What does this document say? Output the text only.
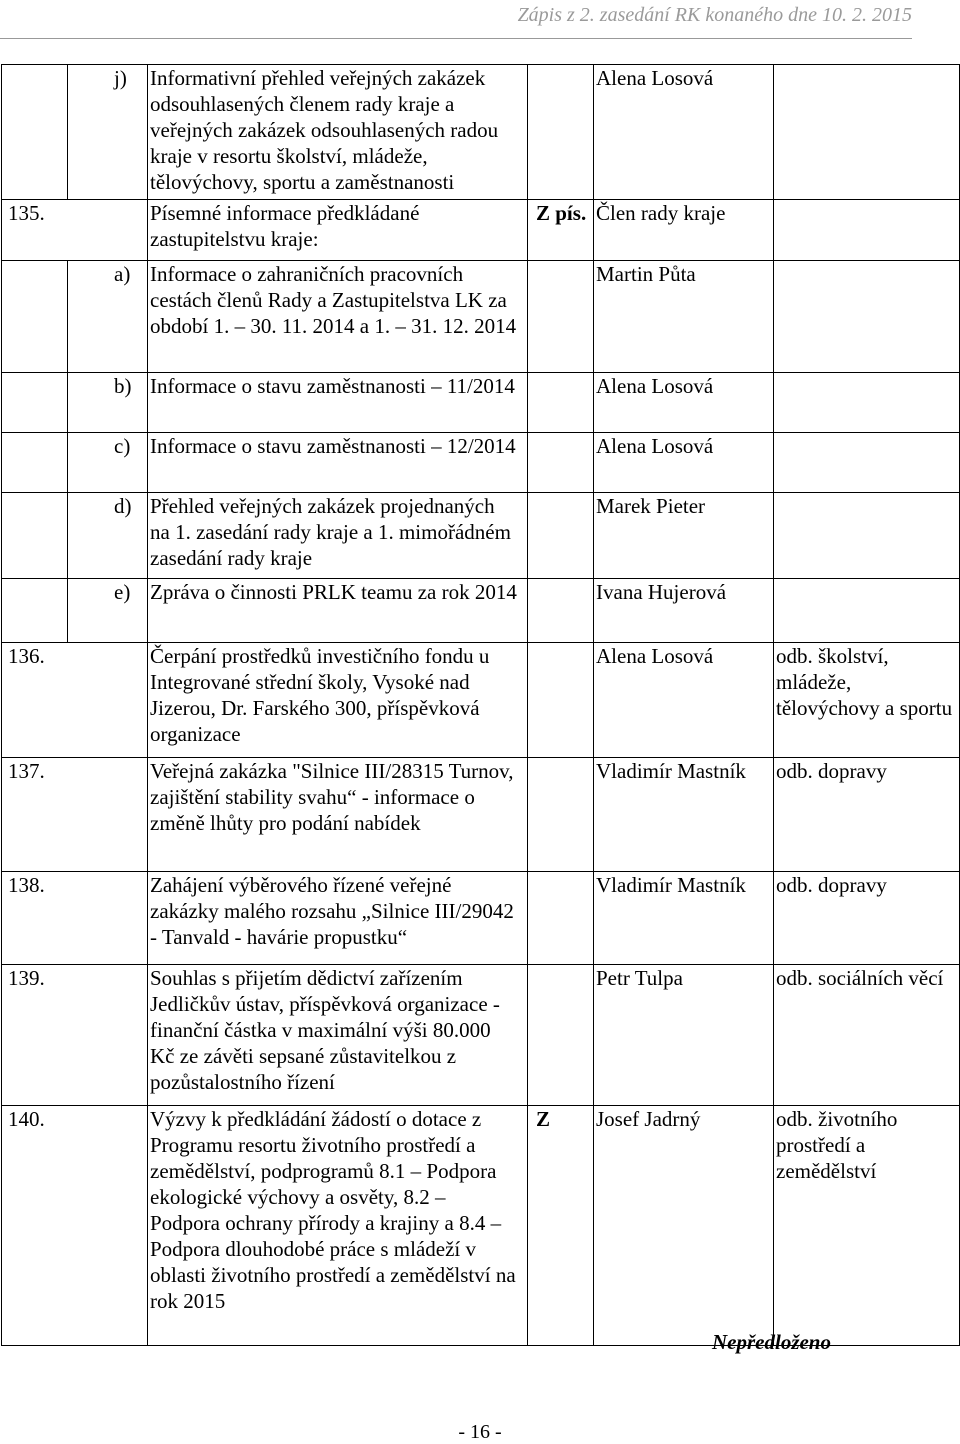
Zápis z 2. zasedání RK konaného dne 10. 2. 2015
	j)	Informativní přehled veřejných zakázek odsouhlasených členem rady kraje a veřejných zakázek odsouhlasených radou kraje v resortu školství, mládeže, tělovýchovy, sportu a zaměstnanosti		Alena Losová	
135.		Písemné informace předkládané zastupitelstvu kraje:	Z pís.	Člen rady kraje	
	a)	Informace o zahraničních pracovních cestách členů Rady a Zastupitelstva LK za období 1. – 30. 11. 2014 a 1. – 31. 12. 2014		Martin Půta	
	b)	Informace o stavu zaměstnanosti – 11/2014		Alena Losová	
	c)	Informace o stavu zaměstnanosti – 12/2014		Alena Losová	
	d)	Přehled veřejných zakázek projednaných na 1. zasedání rady kraje a 1. mimořádném zasedání rady kraje		Marek Pieter	
	e)	Zpráva o činnosti PRLK teamu za rok 2014		Ivana Hujerová	
136.		Čerpání prostředků investičního fondu u Integrované střední školy, Vysoké nad Jizerou, Dr. Farského 300, příspěvková organizace		Alena Losová	odb. školství, mládeže, tělovýchovy a sportu
137.		Veřejná zakázka "Silnice III/28315 Turnov, zajištění stability svahu“ - informace o změně lhůty pro podání nabídek		Vladimír Mastník	odb. dopravy
138.		Zahájení výběrového řízené veřejné zakázky malého rozsahu „Silnice III/29042 - Tanvald - havárie propustku“		Vladimír Mastník	odb. dopravy
139.		Souhlas s přijetím dědictví zařízením Jedličkův ústav, příspěvková organizace - finanční částka v maximální výši 80.000 Kč ze závěti sepsané zůstavitelkou z pozůstalostního řízení		Petr Tulpa	odb. sociálních věcí
140.		Výzvy k předkládání žádostí o dotace z Programu resortu životního prostředí a zemědělství, podprogramů 8.1 – Podpora ekologické výchovy a osvěty, 8.2 – Podpora ochrany přírody a krajiny a 8.4 – Podpora dlouhodobé práce s mládeží v oblasti životního prostředí a zemědělství na rok 2015	Z	Josef Jadrný	odb. životního prostředí a zemědělství
Nepředloženo
- 16 -
